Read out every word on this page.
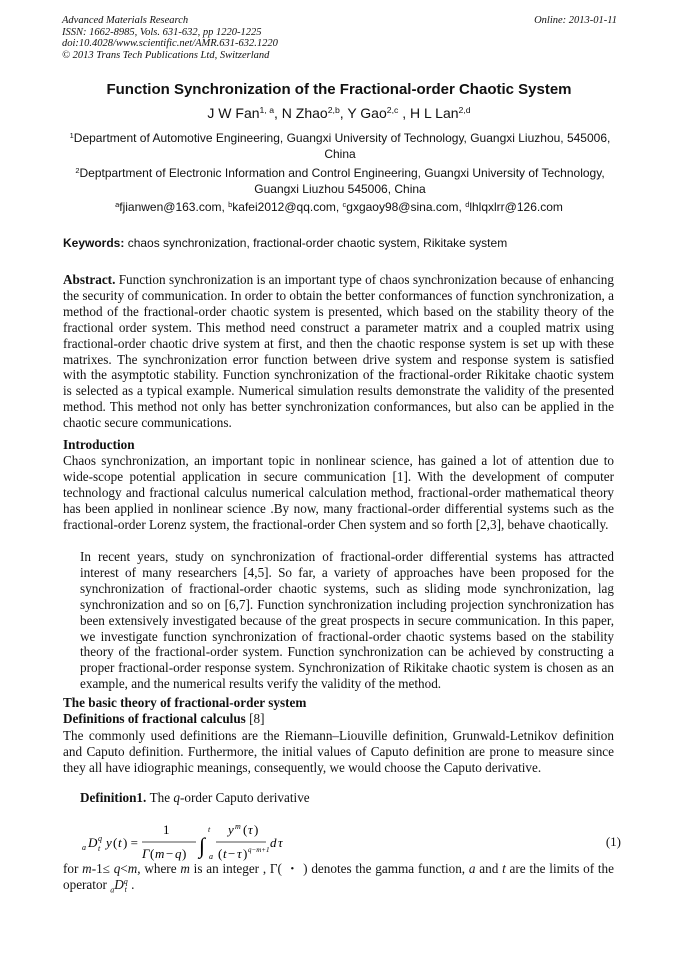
Advanced Materials Research
ISSN: 1662-8985, Vols. 631-632, pp 1220-1225
doi:10.4028/www.scientific.net/AMR.631-632.1220
© 2013 Trans Tech Publications Ltd, Switzerland
Online: 2013-01-11
Function Synchronization of the Fractional-order Chaotic System
J W Fan$^{1, a}$, N Zhao$^{2,b}$, Y Gao$^{2,c}$ , H L Lan$^{2,d}$
$^1$Department of Automotive Engineering, Guangxi University of Technology, Guangxi Liuzhou, 545006, China
$^2$Deptpartment of Electronic Information and Control Engineering, Guangxi University of Technology, Guangxi Liuzhou 545006, China
$^a$fjianwen@163.com, $^b$kafei2012@qq.com, $^c$gxgaoy98@sina.com, $^d$lhlqxlrr@126.com
Keywords: chaos synchronization, fractional-order chaotic system, Rikitake system
Abstract. Function synchronization is an important type of chaos synchronization because of enhancing the security of communication. In order to obtain the better conformances of function synchronization, a method of the fractional-order chaotic system is presented, which based on the stability theory of the fractional order system. This method need construct a parameter matrix and a coupled matrix using fractional-order chaotic drive system at first, and then the chaotic response system is set up with these matrixes. The synchronization error function between drive system and response system is satisfied with the asymptotic stability. Function synchronization of the fractional-order Rikitake chaotic system is selected as a typical example. Numerical simulation results demonstrate the validity of the presented method. This method not only has better synchronization conformances, but also can be applied in the chaotic secure communications.
Introduction
Chaos synchronization, an important topic in nonlinear science, has gained a lot of attention due to wide-scope potential application in secure communication [1]. With the development of computer technology and fractional calculus numerical calculation method, fractional-order mathematical theory has been applied in nonlinear science .By now, many fractional-order differential systems such as the fractional-order Lorenz system, the fractional-order Chen system and so forth [2,3], behave chaotically.
In recent years, study on synchronization of fractional-order differential systems has attracted interest of many researchers [4,5]. So far, a variety of approaches have been proposed for the synchronization of fractional-order chaotic systems, such as sliding mode synchronization, lag synchronization and so on [6,7]. Function synchronization including projection synchronization has been extensively investigated because of the great prospects in secure communication. In this paper, we investigate function synchronization of fractional-order chaotic systems based on the stability theory of the fractional-order system. Function synchronization can be achieved by constructing a proper fractional-order response system. Synchronization of Rikitake chaotic system is chosen as an example, and the numerical results verify the validity of the method.
The basic theory of fractional-order system
Definitions of fractional calculus [8]
The commonly used definitions are the Riemann–Liouville definition, Grunwald-Letnikov definition and Caputo definition. Furthermore, the initial values of Caputo definition are prone to measure since they all have idiographic meanings, consequently, we would choose the Caputo derivative.
Definition1. The q-order Caputo derivative
a D q
t y ( t ) =
1
Γ ( m − q ) ∫
t
a
y m ( τ )
( t − τ ) q−m+1 d τ	(1)
for m-1≤ q<m, where m is an integer , Γ( ・ ) denotes the gamma function, a and t are the limits of the operator $_a$D q
t .
